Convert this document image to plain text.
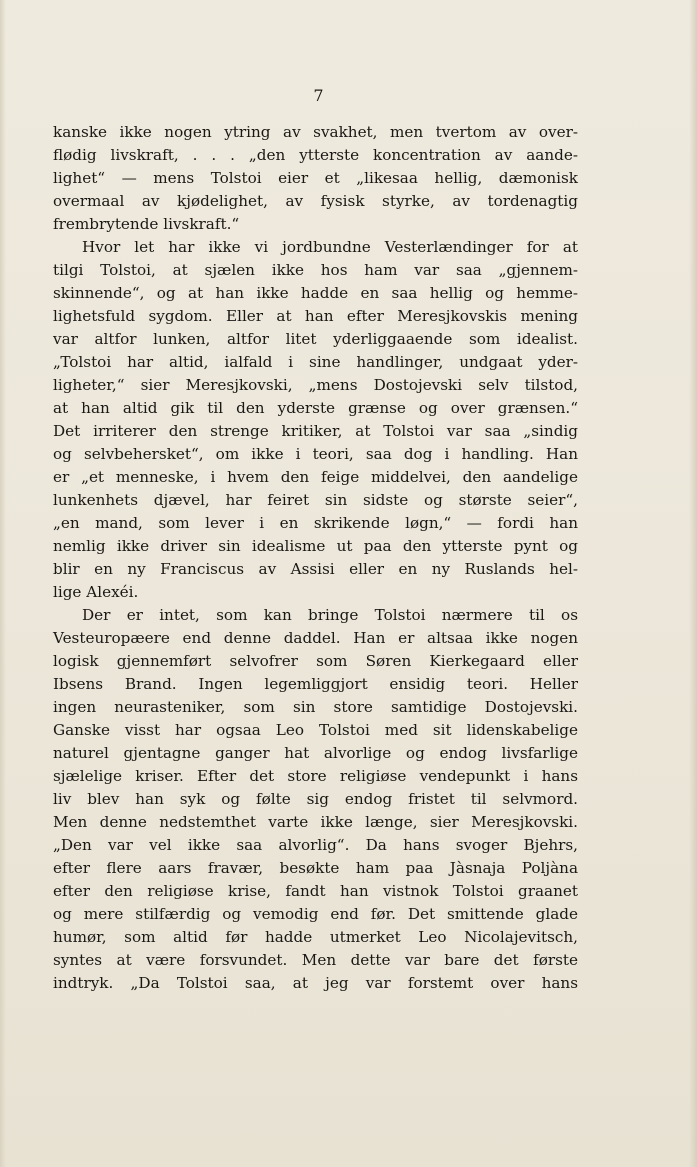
7
kanske ikke nogen ytring av svakhet, men tvertom av over-
flødig livskraft, . . . „den ytterste koncentration av aande-
lighet“ — mens Tolstoi eier et „likesaa hellig, dæmonisk
overmaal av kjødelighet, av fysisk styrke, av tordenagtig
frembrytende livskraft.“
Hvor let har ikke vi jordbundne Vesterlændinger for at
tilgi Tolstoi, at sjælen ikke hos ham var saa „gjennem-
skinnende“, og at han ikke hadde en saa hellig og hemme-
lighetsfuld sygdom. Eller at han efter Meresjkovskis mening
var altfor lunken, altfor litet yderliggaaende som idealist.
„Tolstoi har altid, ialfald i sine handlinger, undgaat yder-
ligheter,“ sier Meresjkovski, „mens Dostojevski selv tilstod,
at han altid gik til den yderste grænse og over grænsen.“
Det irriterer den strenge kritiker, at Tolstoi var saa „sindig
og selvbehersket“, om ikke i teori, saa dog i handling. Han
er „et menneske, i hvem den feige middelvei, den aandelige
lunkenhets djævel, har feiret sin sidste og største seier“,
„en mand, som lever i en skrikende løgn,“ — fordi han
nemlig ikke driver sin idealisme ut paa den ytterste pynt og
blir en ny Franciscus av Assisi eller en ny Ruslands hel-
lige Alexéi.
Der er intet, som kan bringe Tolstoi nærmere til os
Vesteuropæere end denne daddel. Han er altsaa ikke nogen
logisk gjennemført selvofrer som Søren Kierkegaard eller
Ibsens Brand. Ingen legemliggjort ensidig teori. Heller
ingen neurasteniker, som sin store samtidige Dostojevski.
Ganske visst har ogsaa Leo Tolstoi med sit lidenskabelige
naturel gjentagne ganger hat alvorlige og endog livsfarlige
sjælelige kriser. Efter det store religiøse vendepunkt i hans
liv blev han syk og følte sig endog fristet til selvmord.
Men denne nedstemthet varte ikke længe, sier Meresjkovski.
„Den var vel ikke saa alvorlig“. Da hans svoger Bjehrs,
efter flere aars fravær, besøkte ham paa Jàsnaja Poljàna
efter den religiøse krise, fandt han vistnok Tolstoi graanet
og mere stilfærdig og vemodig end før. Det smittende glade
humør, som altid før hadde utmerket Leo Nicolajevitsch,
syntes at være forsvundet. Men dette var bare det første
indtryk. „Da Tolstoi saa, at jeg var forstemt over hans
